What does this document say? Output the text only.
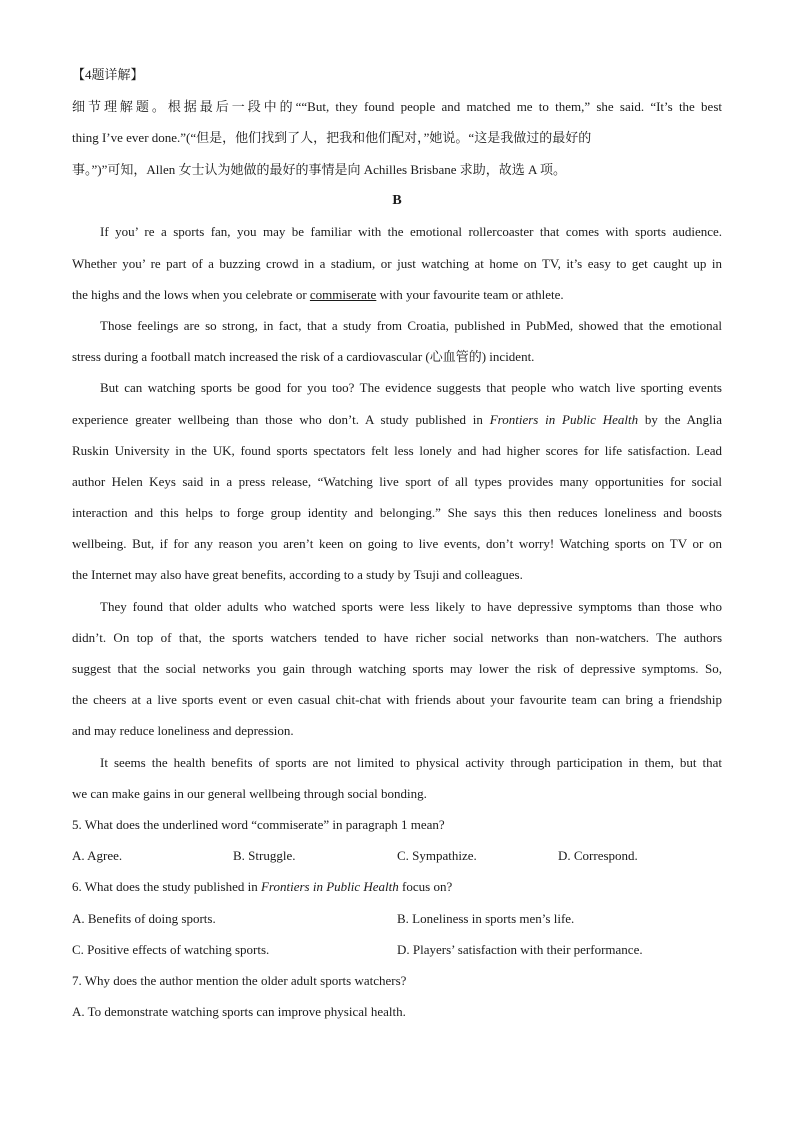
【4题详解】
细节理解题。根据最后一段中的““But, they found people and matched me to them,” she said. “It’s the best
thing I’ve ever done.”(“但是，他们找到了人，把我和他们配对，”她说。“这是我做过的最好的
事。”)”可知，Allen 女士认为她做的最好的事情是向 Achilles Brisbane 求助，故选 A 项。
B
If you’ re a sports fan, you may be familiar with the emotional rollercoaster that comes with sports audience.
Whether you’ re part of a buzzing crowd in a stadium, or just watching at home on TV, it’s easy to get caught up in
the highs and the lows when you celebrate or commiserate with your favourite team or athlete.
Those feelings are so strong, in fact, that a study from Croatia, published in PubMed, showed that the emotional
stress during a football match increased the risk of a cardiovascular (心血管的) incident.
But can watching sports be good for you too? The evidence suggests that people who watch live sporting events
experience greater wellbeing than those who don’t. A study published in Frontiers in Public Health by the Anglia
Ruskin University in the UK, found sports spectators felt less lonely and had higher scores for life satisfaction. Lead
author Helen Keys said in a press release, “Watching live sport of all types provides many opportunities for social
interaction and this helps to forge group identity and belonging.” She says this then reduces loneliness and boosts
wellbeing. But, if for any reason you aren’t keen on going to live events, don’t worry! Watching sports on TV or on
the Internet may also have great benefits, according to a study by Tsuji and colleagues.
They found that older adults who watched sports were less likely to have depressive symptoms than those who
didn’t. On top of that, the sports watchers tended to have richer social networks than non-watchers. The authors
suggest that the social networks you gain through watching sports may lower the risk of depressive symptoms. So,
the cheers at a live sports event or even casual chit-chat with friends about your favourite team can bring a friendship
and may reduce loneliness and depression.
It seems the health benefits of sports are not limited to physical activity through participation in them, but that
we can make gains in our general wellbeing through social bonding.
5. What does the underlined word “commiserate” in paragraph 1 mean?
A. Agree.	B. Struggle.	C. Sympathize.	D. Correspond.
6. What does the study published in Frontiers in Public Health focus on?
A. Benefits of doing sports.	B. Loneliness in sports men’s life.
C. Positive effects of watching sports.	D. Players’ satisfaction with their performance.
7. Why does the author mention the older adult sports watchers?
A. To demonstrate watching sports can improve physical health.
